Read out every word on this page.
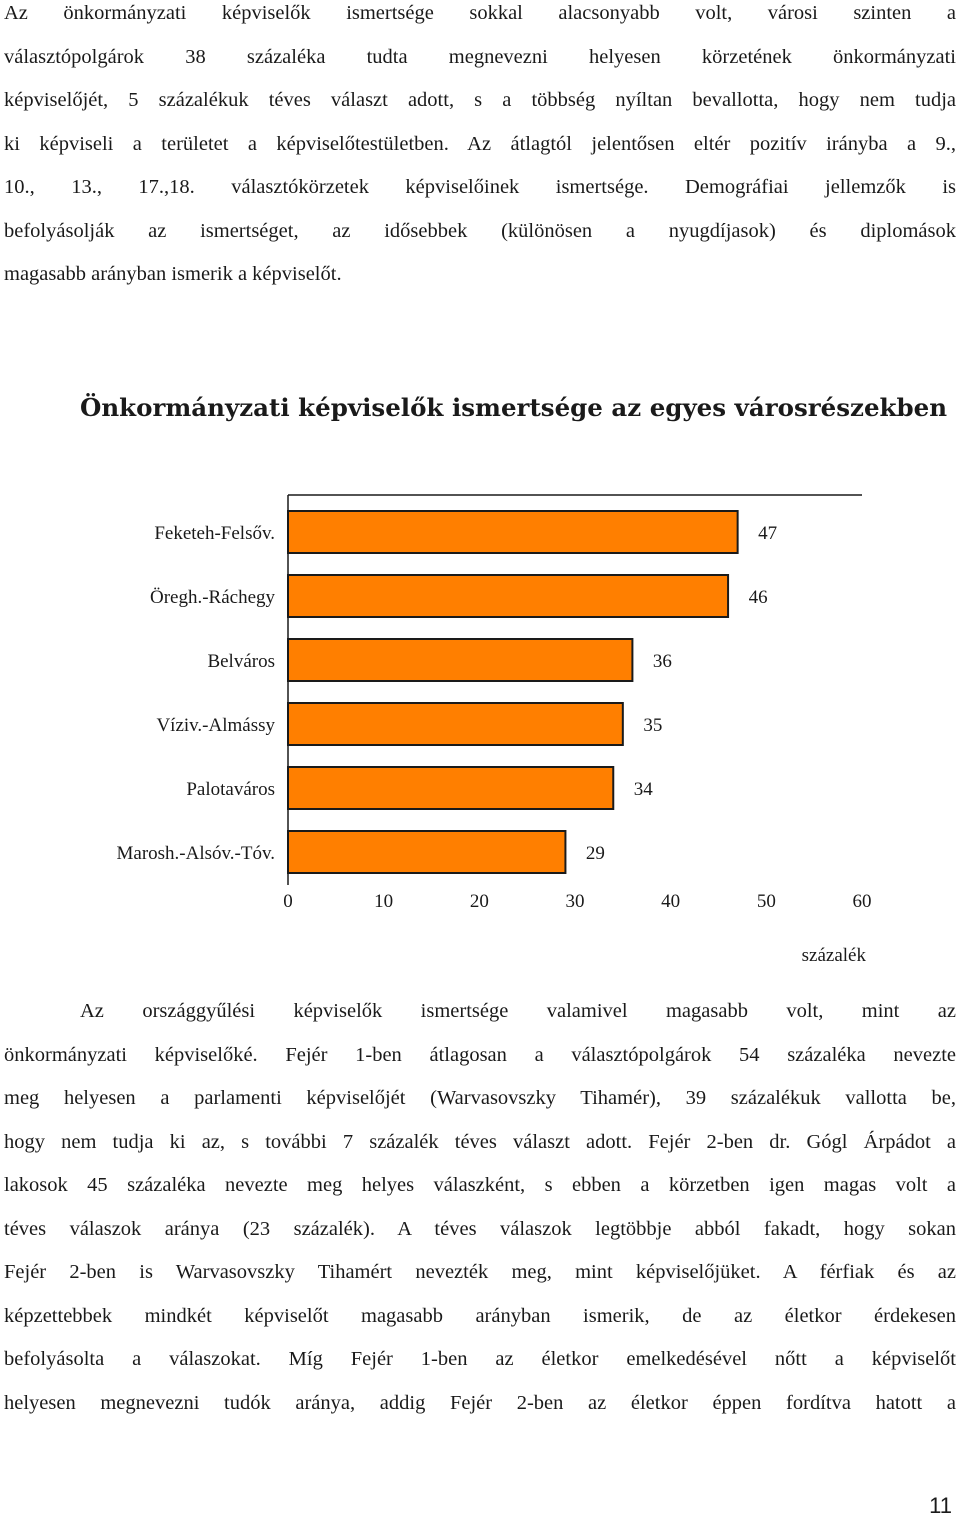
Az önkormányzati képviselők ismertsége sokkal alacsonyabb volt, városi szinten a
választópolgárok 38 százaléka tudta megnevezni helyesen körzetének önkormányzati
képviselőjét, 5 százalékuk téves választ adott, s a többség nyíltan bevallotta, hogy nem tudja
ki képviseli a területet a képviselőtestületben. Az átlagtól jelentősen eltér pozitív irányba a 9.,
10., 13., 17.,18. választókörzetek képviselőinek ismertsége. Demográfiai jellemzők is
befolyásolják az ismertséget, az idősebbek (különösen a nyugdíjasok) és diplomások
magasabb arányban ismerik a képviselőt.
Önkormányzati képviselők ismertsége az egyes városrészekben
Feketeh-Felsőv.
Öregh.-Ráchegy
Belváros
Víziv.-Almássy
Palotaváros
Marosh.-Alsóv.-Tóv.
47
46
36
35
34
29
0	10	20	30	40	50	60
százalék
Az országgyűlési képviselők ismertsége valamivel magasabb volt, mint az
önkormányzati képviselőké. Fejér 1-ben átlagosan a választópolgárok 54 százaléka nevezte
meg helyesen a parlamenti képviselőjét (Warvasovszky Tihamér), 39 százalékuk vallotta be,
hogy nem tudja ki az, s további 7 százalék téves választ adott. Fejér 2-ben dr. Gógl Árpádot a
lakosok 45 százaléka nevezte meg helyes válaszként, s ebben a körzetben igen magas volt a
téves válaszok aránya (23 százalék). A téves válaszok legtöbbje abból fakadt, hogy sokan
Fejér 2-ben is Warvasovszky Tihamért nevezték meg, mint képviselőjüket. A férfiak és az
képzettebbek mindkét képviselőt magasabb arányban ismerik, de az életkor érdekesen
befolyásolta a válaszokat. Míg Fejér 1-ben az életkor emelkedésével nőtt a képviselőt
helyesen megnevezni tudók aránya, addig Fejér 2-ben az életkor éppen fordítva hatott a
11
